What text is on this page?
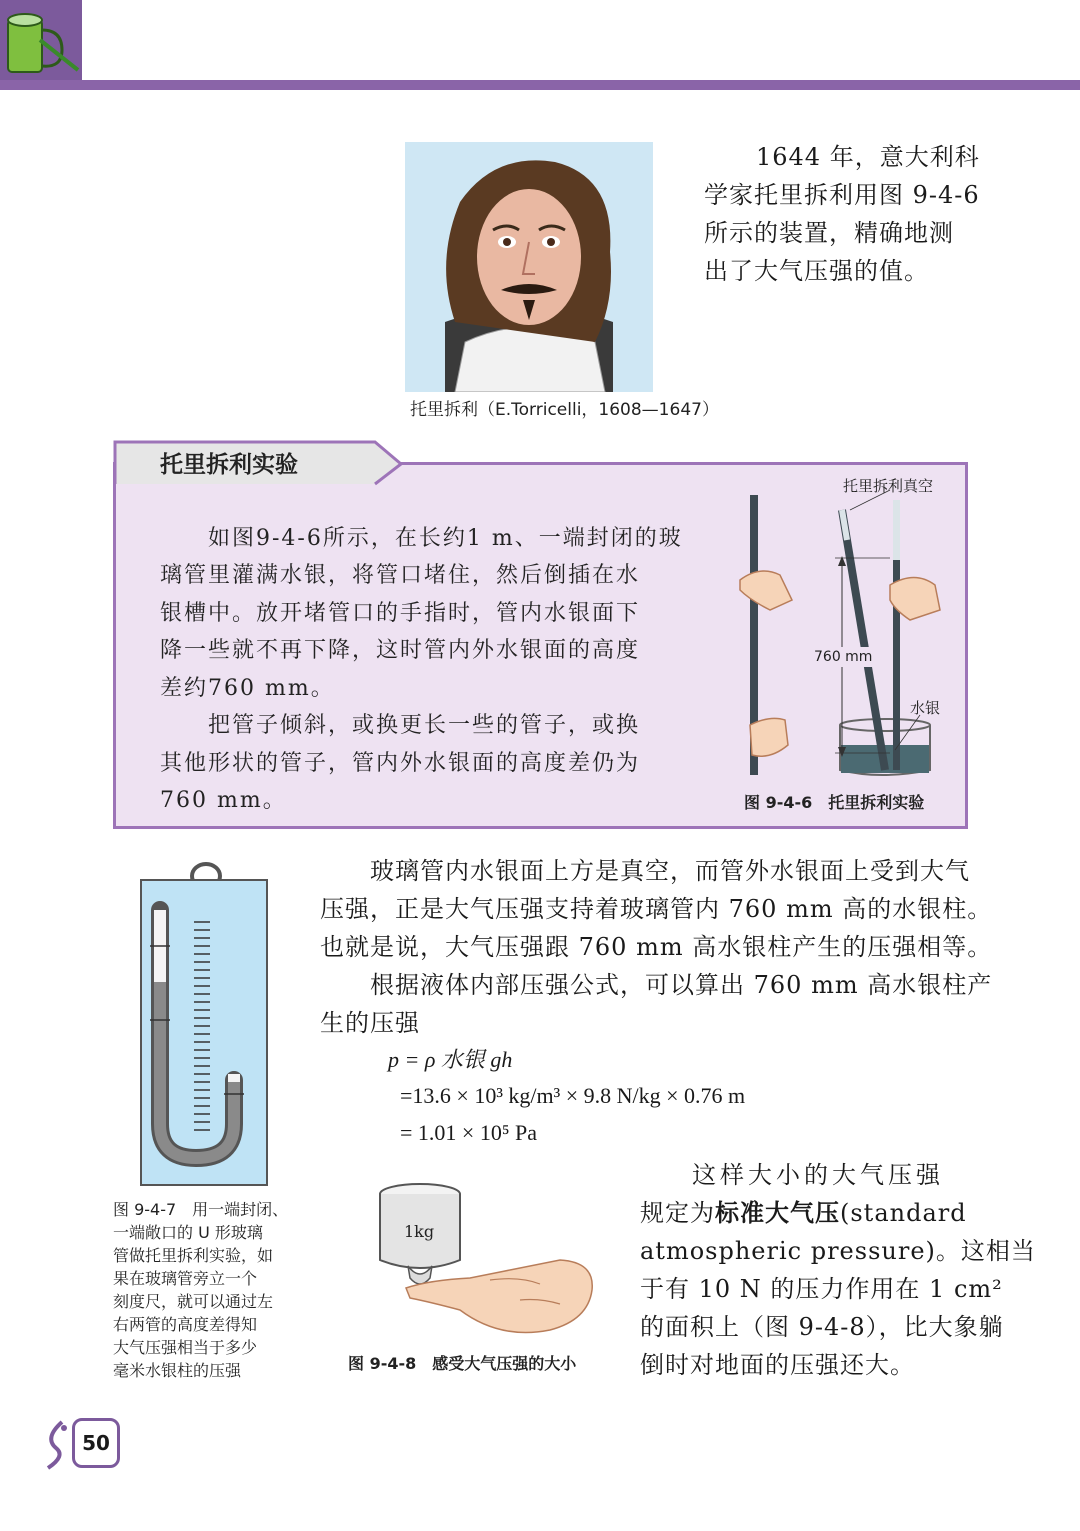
1644 年，意大利科
学家托里拆利用图 9-4-6
所示的装置，精确地测
出了大气压强的值。
托里拆利（E.Torricelli，1608—1647）
托里拆利实验
如图9-4-6所示，在长约1 m、一端封闭的玻
璃管里灌满水银，将管口堵住，然后倒插在水
银槽中。放开堵管口的手指时，管内水银面下
降一些就不再下降，这时管内外水银面的高度
差约760 mm。
把管子倾斜，或换更长一些的管子，或换
其他形状的管子，管内外水银面的高度差仍为
760 mm。
托里拆利真空
760 mm
水银
图 9-4-6　托里拆利实验
图 9-4-7　用一端封闭、
一端敞口的 U 形玻璃
管做托里拆利实验，如
果在玻璃管旁立一个
刻度尺，就可以通过左
右两管的高度差得知
大气压强相当于多少
毫米水银柱的压强
玻璃管内水银面上方是真空，而管外水银面上受到大气
压强，正是大气压强支持着玻璃管内 760 mm 高的水银柱。
也就是说，大气压强跟 760 mm 高水银柱产生的压强相等。
根据液体内部压强公式，可以算出 760 mm 高水银柱产
生的压强
p = ρ 水银 gh
=13.6 × 10³ kg/m³ × 9.8 N/kg × 0.76 m
= 1.01 × 10⁵ Pa
1kg
图 9-4-8　感受大气压强的大小
这样大小的大气压强
规定为标准大气压(standard
atmospheric pressure)。这相当
于有 10 N 的压力作用在 1 cm²
的面积上（图 9-4-8），比大象躺
倒时对地面的压强还大。
50
